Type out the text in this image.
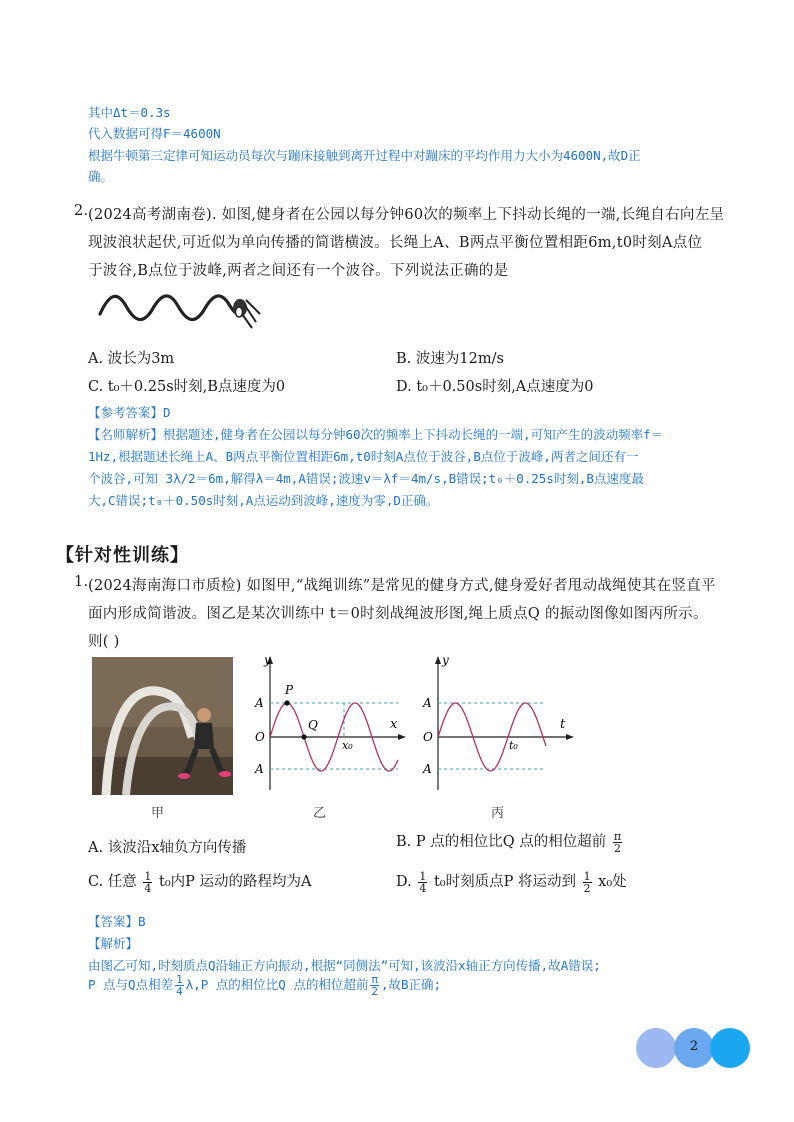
其中Δt＝0.3s
代入数据可得F＝4600N
根据牛顿第三定律可知运动员每次与蹦床接触到离开过程中对蹦床的平均作用力大小为4600N,故D正
确。
2. (2024高考湖南卷). 如图,健身者在公园以每分钟60次的频率上下抖动长绳的一端,长绳自右向左呈
现波浪状起伏,可近似为单向传播的简谐横波。长绳上A、B两点平衡位置相距6m,t0时刻A点位
于波谷,B点位于波峰,两者之间还有一个波谷。下列说法正确的是
A. 波长为3m	B. 波速为12m/s
C. t₀＋0.25s时刻,B点速度为0	D. t₀＋0.50s时刻,A点速度为0
【参考答案】D
【名师解析】根据题述,健身者在公园以每分钟60次的频率上下抖动长绳的一端,可知产生的波动频率f＝
1Hz,根据题述长绳上A、B两点平衡位置相距6m,t0时刻A点位于波谷,B点位于波峰,两者之间还有一
个波谷,可知 3λ/2＝6m,解得λ＝4m,A错误;波速v＝λf＝4m/s,B错误;t₀＋0.25s时刻,B点速度最
大,C错误;t₀＋0.50s时刻,A点运动到波峰,速度为零,D正确。
【针对性训练】
1. (2024海南海口市质检) 如图甲,“战绳训练”是常见的健身方式,健身爱好者甩动战绳使其在竖直平
面内形成简谐波。图乙是某次训练中 t＝0时刻战绳波形图,绳上质点Q 的振动图像如图丙所示。
则( )
甲
y
x
O
A
A
P
Q
x₀
乙
y
t
O
A
A
t₀
丙
A. 该波沿x轴负方向传播	B. P 点的相位比Q 点的相位超前 $\frac{\pi}{2}$
C. 任意 $\frac{1}{4} t_0$内P 运动的路程均为A	D. $\frac{1}{4} t_0$时刻质点P 将运动到 $\frac{1}{2} x_0$处
【答案】B
【解析】
由图乙可知,时刻质点Q沿轴正方向振动,根据“同侧法”可知,该波沿x轴正方向传播,故A错误;
P 点与Q点相差 $\frac{1}{4} \lambda,P$ 点的相位比Q 点的相位超前 $\frac{\pi}{2}$ ,故B正确;
2
